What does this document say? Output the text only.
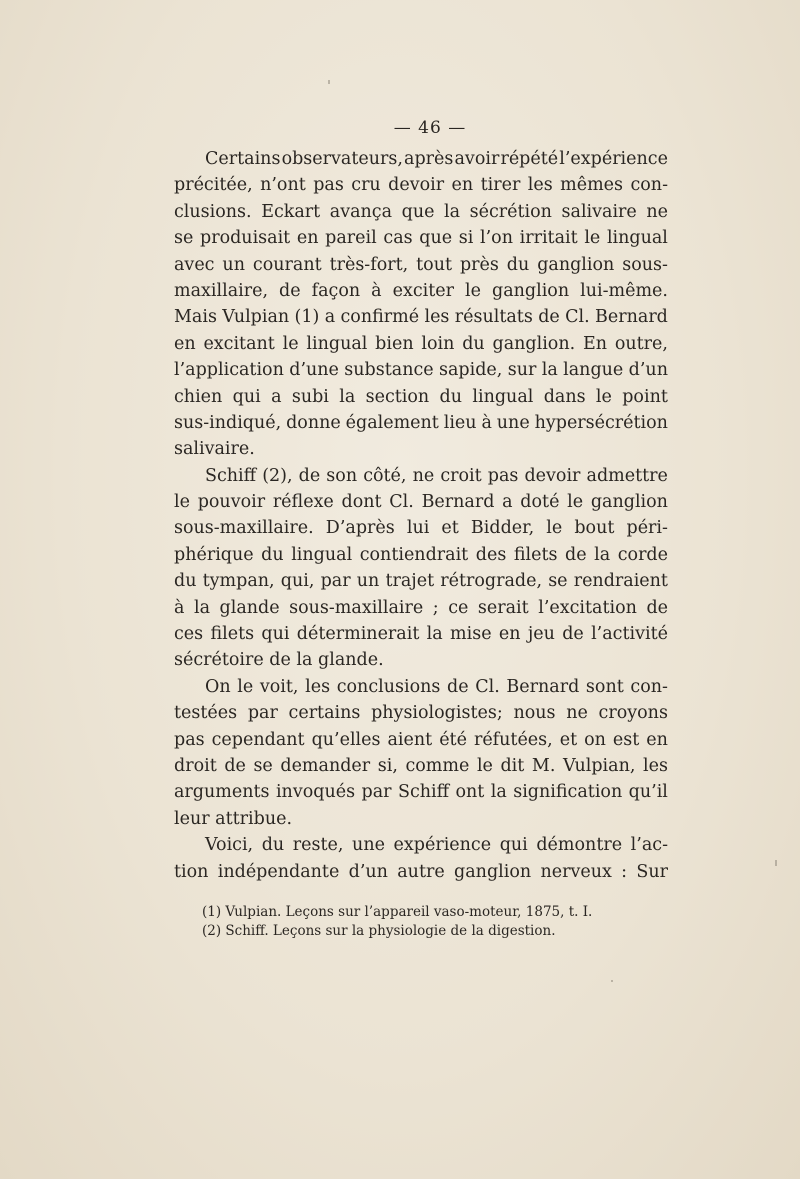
— 46 —
Certains observateurs, après avoir répété l’expérience
précitée, n’ont pas cru devoir en tirer les mêmes con-
clusions. Eckart avança que la sécrétion salivaire ne
se produisait en pareil cas que si l’on irritait le lingual
avec un courant très-fort, tout près du ganglion sous-
maxillaire, de façon à exciter le ganglion lui-même.
Mais Vulpian (1) a confirmé les résultats de Cl. Bernard
en excitant le lingual bien loin du ganglion. En outre,
l’application d’une substance sapide, sur la langue d’un
chien qui a subi la section du lingual dans le point
sus-indiqué, donne également lieu à une hypersécrétion
salivaire.
Schiff (2), de son côté, ne croit pas devoir admettre
le pouvoir réflexe dont Cl. Bernard a doté le ganglion
sous-maxillaire. D’après lui et Bidder, le bout péri-
phérique du lingual contiendrait des filets de la corde
du tympan, qui, par un trajet rétrograde, se rendraient
à la glande sous-maxillaire ; ce serait l’excitation de
ces filets qui déterminerait la mise en jeu de l’activité
sécrétoire de la glande.
On le voit, les conclusions de Cl. Bernard sont con-
testées par certains physiologistes; nous ne croyons
pas cependant qu’elles aient été réfutées, et on est en
droit de se demander si, comme le dit M. Vulpian, les
arguments invoqués par Schiff ont la signification qu’il
leur attribue.
Voici, du reste, une expérience qui démontre l’ac-
tion indépendante d’un autre ganglion nerveux : Sur
(1) Vulpian. Leçons sur l’appareil vaso-moteur, 1875, t. I.
(2) Schiff. Leçons sur la physiologie de la digestion.
